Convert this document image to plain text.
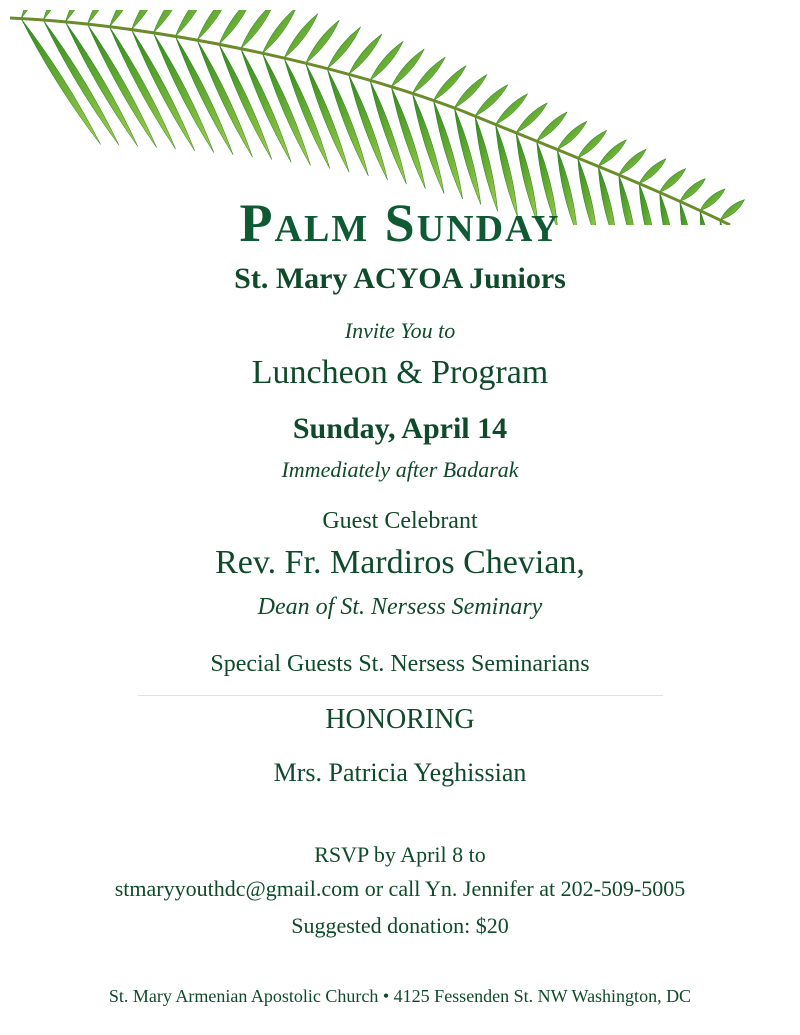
Palm Sunday
St. Mary ACYOA Juniors
Invite You to
Luncheon & Program
Sunday, April 14
Immediately after Badarak
Guest Celebrant
Rev. Fr. Mardiros Chevian,
Dean of St. Nersess Seminary
Special Guests St. Nersess Seminarians
HONORING
Mrs. Patricia Yeghissian
RSVP by April 8 to
stmaryyouthdc@gmail.com or call Yn. Jennifer at 202-509-5005
Suggested donation: $20
St. Mary Armenian Apostolic Church • 4125 Fessenden St. NW Washington, DC
